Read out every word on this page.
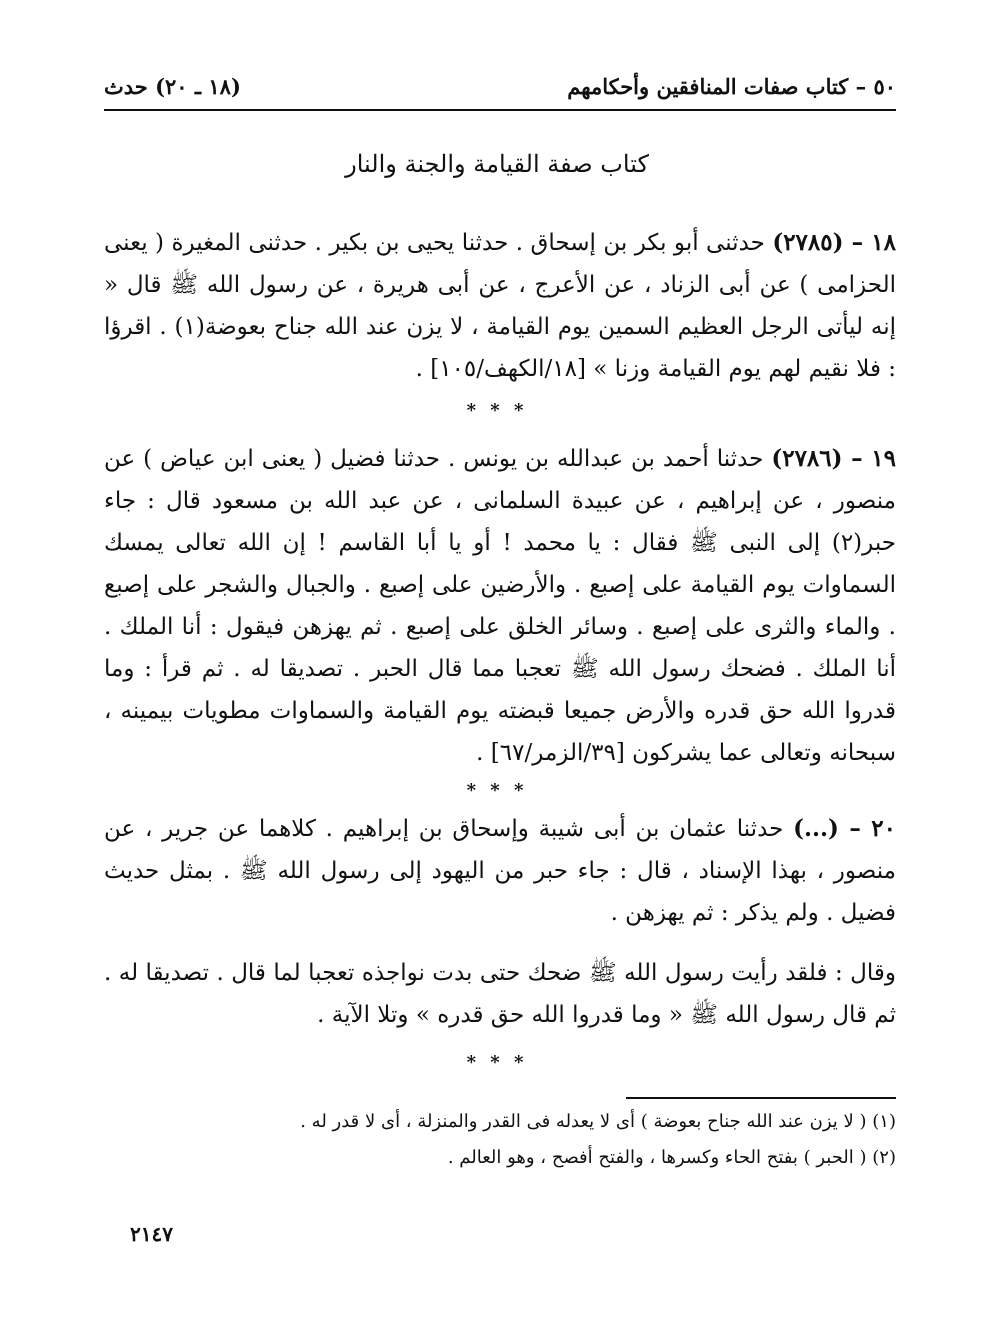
٥٠ – كتاب صفات المنافقين وأحكامهم
(١٨ ـ ٢٠) حدث
كتاب صفة القيامة والجنة والنار
١٨ – (٢٧٨٥) حدثنى أبو بكر بن إسحاق . حدثنا يحيى بن بكير . حدثنى المغيرة ( يعنى الحزامى ) عن أبى الزناد ، عن الأعرج ، عن أبى هريرة ، عن رسول الله ﷺ قال « إنه ليأتى الرجل العظيم السمين يوم القيامة ، لا يزن عند الله جناح بعوضة(١) . اقرؤا : فلا نقيم لهم يوم القيامة وزنا » [١٨/الكهف/١٠٥] .
* * *
١٩ – (٢٧٨٦) حدثنا أحمد بن عبدالله بن يونس . حدثنا فضيل ( يعنى ابن عياض ) عن منصور ، عن إبراهيم ، عن عبيدة السلمانى ، عن عبد الله بن مسعود قال : جاء حبر(٢) إلى النبى ﷺ فقال : يا محمد ! أو يا أبا القاسم ! إن الله تعالى يمسك السماوات يوم القيامة على إصبع . والأرضين على إصبع . والجبال والشجر على إصبع . والماء والثرى على إصبع . وسائر الخلق على إصبع . ثم يهزهن فيقول : أنا الملك . أنا الملك . فضحك رسول الله ﷺ تعجبا مما قال الحبر . تصديقا له . ثم قرأ : وما قدروا الله حق قدره والأرض جميعا قبضته يوم القيامة والسماوات مطويات بيمينه ، سبحانه وتعالى عما يشركون [٣٩/الزمر/٦٧] .
* * *
٢٠ – (...) حدثنا عثمان بن أبى شيبة وإسحاق بن إبراهيم . كلاهما عن جرير ، عن منصور ، بهذا الإسناد ، قال : جاء حبر من اليهود إلى رسول الله ﷺ . بمثل حديث فضيل . ولم يذكر : ثم يهزهن .
وقال : فلقد رأيت رسول الله ﷺ ضحك حتى بدت نواجذه تعجبا لما قال . تصديقا له . ثم قال رسول الله ﷺ « وما قدروا الله حق قدره » وتلا الآية .
* * *
(١) ( لا يزن عند الله جناح بعوضة ) أى لا يعدله فى القدر والمنزلة ، أى لا قدر له .
(٢) ( الحبر ) بفتح الحاء وكسرها ، والفتح أفصح ، وهو العالم .
٢١٤٧
